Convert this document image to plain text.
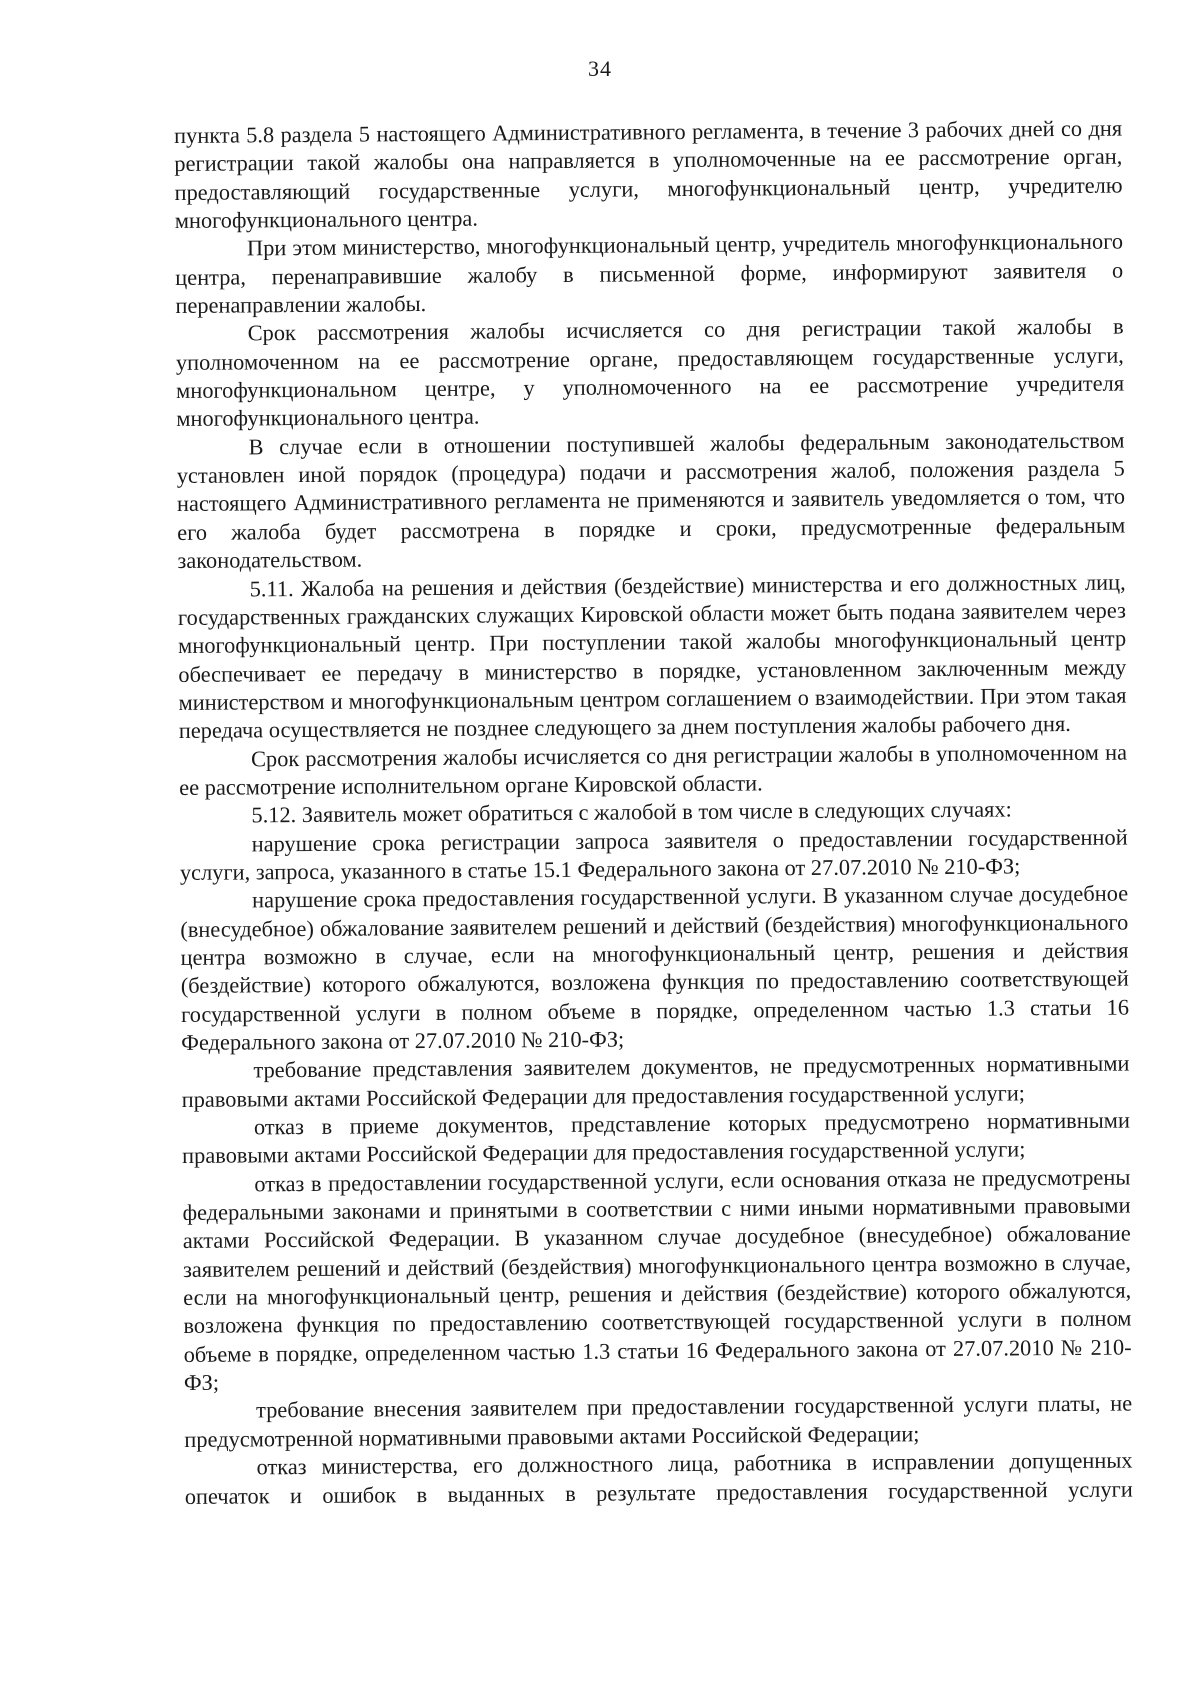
34

пункта 5.8 раздела 5 настоящего Административного регламента, в течение 3 рабочих дней со дня регистрации такой жалобы она направляется в уполномоченные на ее рассмотрение орган, предоставляющий государственные услуги, многофункциональный центр, учредителю многофункционального центра.

При этом министерство, многофункциональный центр, учредитель многофункционального центра, перенаправившие жалобу в письменной форме, информируют заявителя о перенаправлении жалобы.

Срок рассмотрения жалобы исчисляется со дня регистрации такой жалобы в уполномоченном на ее рассмотрение органе, предоставляющем государственные услуги, многофункциональном центре, у уполномоченного на ее рассмотрение учредителя многофункционального центра.

В случае если в отношении поступившей жалобы федеральным законодательством установлен иной порядок (процедура) подачи и рассмотрения жалоб, положения раздела 5 настоящего Административного регламента не применяются и заявитель уведомляется о том, что его жалоба будет рассмотрена в порядке и сроки, предусмотренные федеральным законодательством.

5.11. Жалоба на решения и действия (бездействие) министерства и его должностных лиц, государственных гражданских служащих Кировской области может быть подана заявителем через многофункциональный центр. При поступлении такой жалобы многофункциональный центр обеспечивает ее передачу в министерство в порядке, установленном заключенным между министерством и многофункциональным центром соглашением о взаимодействии. При этом такая передача осуществляется не позднее следующего за днем поступления жалобы рабочего дня.

Срок рассмотрения жалобы исчисляется со дня регистрации жалобы в уполномоченном на ее рассмотрение исполнительном органе Кировской области.

5.12. Заявитель может обратиться с жалобой в том числе в следующих случаях:

нарушение срока регистрации запроса заявителя о предоставлении государственной услуги, запроса, указанного в статье 15.1 Федерального закона от 27.07.2010 № 210-ФЗ;

нарушение срока предоставления государственной услуги. В указанном случае досудебное (внесудебное) обжалование заявителем решений и действий (бездействия) многофункционального центра возможно в случае, если на многофункциональный центр, решения и действия (бездействие) которого обжалуются, возложена функция по предоставлению соответствующей государственной услуги в полном объеме в порядке, определенном частью 1.3 статьи 16 Федерального закона от 27.07.2010 № 210-ФЗ;

требование представления заявителем документов, не предусмотренных нормативными правовыми актами Российской Федерации для предоставления государственной услуги;

отказ в приеме документов, представление которых предусмотрено нормативными правовыми актами Российской Федерации для предоставления государственной услуги;

отказ в предоставлении государственной услуги, если основания отказа не предусмотрены федеральными законами и принятыми в соответствии с ними иными нормативными правовыми актами Российской Федерации. В указанном случае досудебное (внесудебное) обжалование заявителем решений и действий (бездействия) многофункционального центра возможно в случае, если на многофункциональный центр, решения и действия (бездействие) которого обжалуются, возложена функция по предоставлению соответствующей государственной услуги в полном объеме в порядке, определенном частью 1.3 статьи 16 Федерального закона от 27.07.2010 № 210-ФЗ;

требование внесения заявителем при предоставлении государственной услуги платы, не предусмотренной нормативными правовыми актами Российской Федерации;

отказ министерства, его должностного лица, работника в исправлении допущенных опечаток и ошибок в выданных в результате предоставления государственной услуги
